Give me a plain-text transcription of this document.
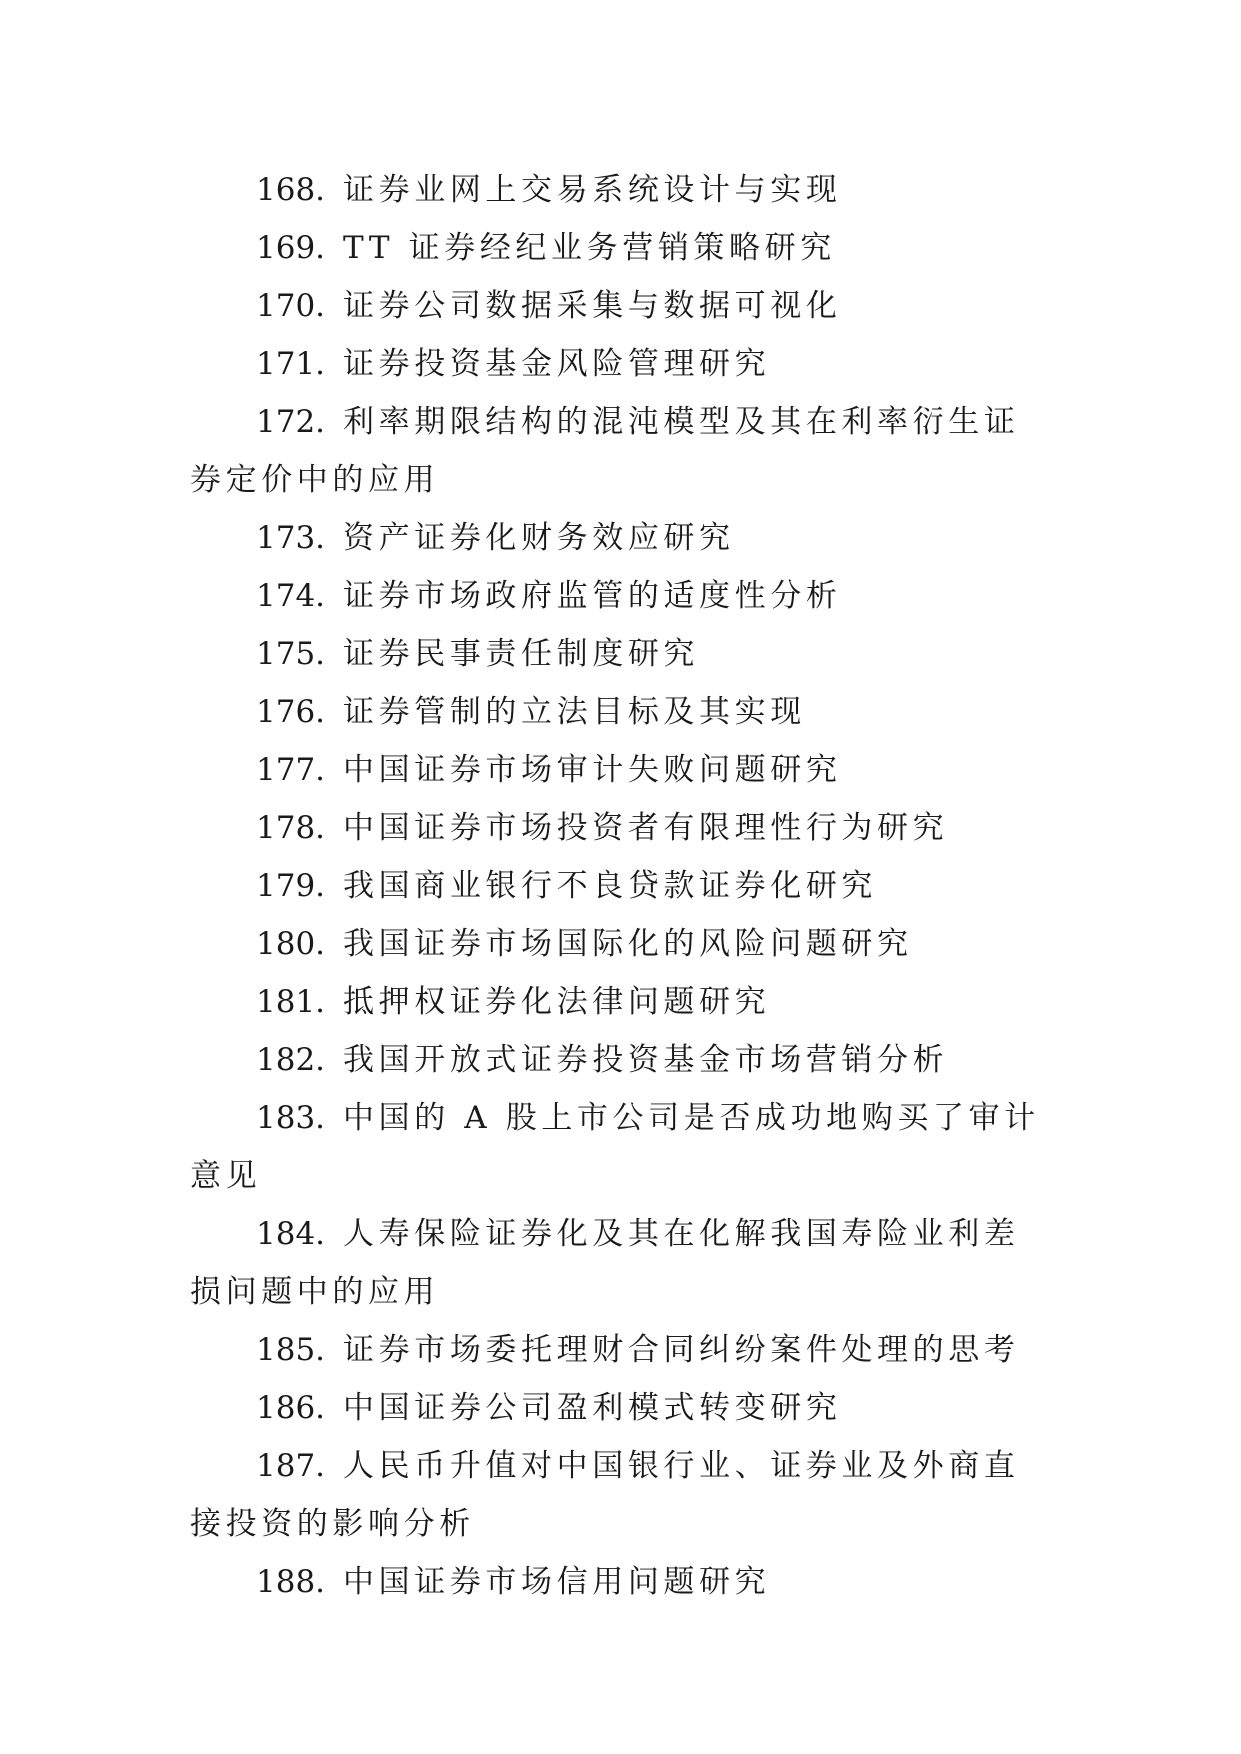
168. 证券业网上交易系统设计与实现

169. TT 证券经纪业务营销策略研究

170. 证券公司数据采集与数据可视化

171. 证券投资基金风险管理研究

172. 利率期限结构的混沌模型及其在利率衍生证券定价中的应用

173. 资产证券化财务效应研究

174. 证券市场政府监管的适度性分析

175. 证券民事责任制度研究

176. 证券管制的立法目标及其实现

177. 中国证券市场审计失败问题研究

178. 中国证券市场投资者有限理性行为研究

179. 我国商业银行不良贷款证券化研究

180. 我国证券市场国际化的风险问题研究

181. 抵押权证券化法律问题研究

182. 我国开放式证券投资基金市场营销分析

183. 中国的 A 股上市公司是否成功地购买了审计意见

184. 人寿保险证券化及其在化解我国寿险业利差损问题中的应用

185. 证券市场委托理财合同纠纷案件处理的思考

186. 中国证券公司盈利模式转变研究

187. 人民币升值对中国银行业、证券业及外商直接投资的影响分析

188. 中国证券市场信用问题研究
